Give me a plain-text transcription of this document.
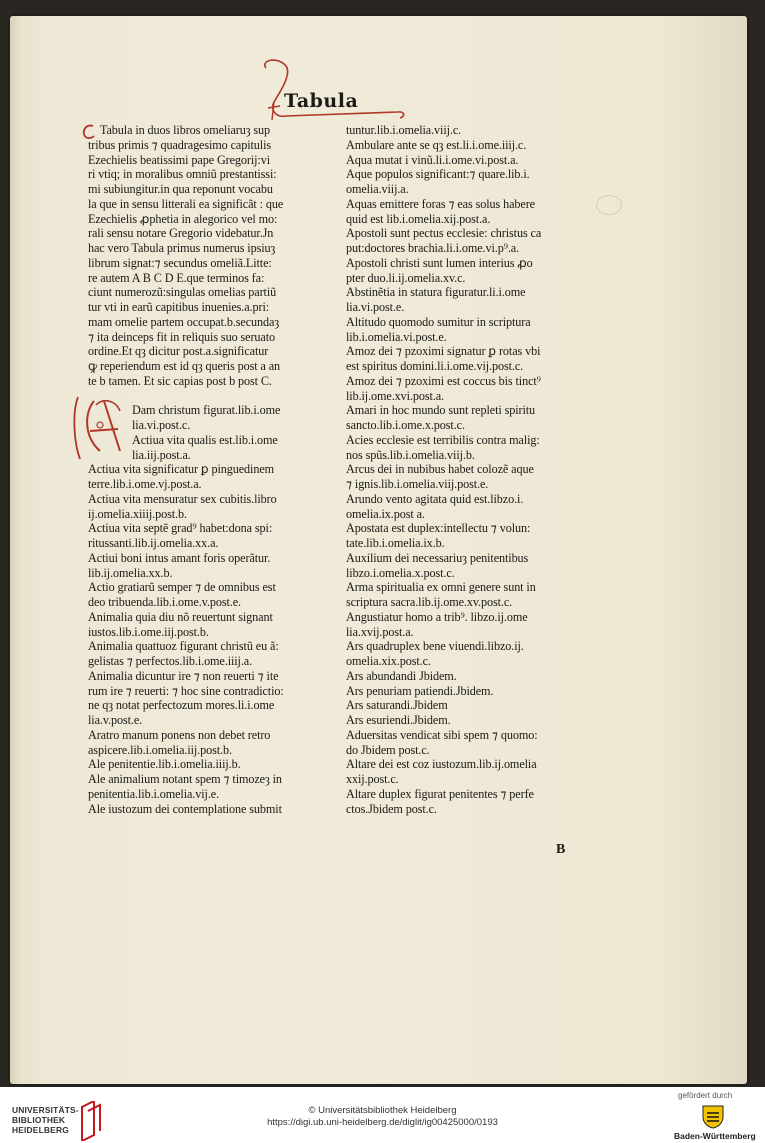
Tabula
Tabula in duos libros omeliaruȝ sup
tribus primis ⁊ quadragesimo capitulis
Ezechielis beatissimi pape Gregorij:vi
ri vtiq; in moralibus omniũ prestantissi:
mi subiungitur.in qua reponunt vocabu
la que in sensu litterali ea significãt : que
Ezechielis ꝓphetia in alegorico vel mo:
rali sensu notare Gregorio videbatur.Jn
hac vero Tabula primus numerus ipsiuȝ
librum signat:⁊ secundus omeliã.Litte:
re autem A B C D E.que terminos fa:
ciunt numerozũ:singulas omelias partiũ
tur vti in earũ capitibus inuenies.a.pri:
mam omelie partem occupat.b.secundaȝ
⁊ ita deinceps fit in reliquis suo seruato
ordine.Et qȝ dicitur post.a.significatur
ꝙ reperiendum est id qȝ queris post a an
te b tamen. Et sic capias post b post C.
Dam christum figurat.lib.i.ome
lia.vi.post.c.
Actiua vita qualis est.lib.i.ome
lia.iij.post.a.
Actiua vita significatur ꝑ pinguedinem
terre.lib.i.ome.vj.post.a.
Actiua vita mensuratur sex cubitis.libro
ij.omelia.xiiij.post.b.
Actiua vita septẽ grad⁹ habet:dona spi:
ritussanti.lib.ij.omelia.xx.a.
Actiui boni intus amant foris operãtur.
lib.ij.omelia.xx.b.
Actio gratiarũ semper ⁊ de omnibus est
deo tribuenda.lib.i.ome.v.post.e.
Animalia quia diu nõ reuertunt signant
iustos.lib.i.ome.iij.post.b.
Animalia quattuoz figurant christũ eu ã:
gelistas ⁊ perfectos.lib.i.ome.iiij.a.
Animalia dicuntur ire ⁊ non reuerti ⁊ ite
rum ire ⁊ reuerti: ⁊ hoc sine contradictio:
ne qȝ notat perfectozum mores.li.i.ome
lia.v.post.e.
Aratro manum ponens non debet retro
aspicere.lib.i.omelia.iij.post.b.
Ale penitentie.lib.i.omelia.iiij.b.
Ale animalium notant spem ⁊ timozeȝ in
penitentia.lib.i.omelia.vij.e.
Ale iustozum dei contemplatione submit
tuntur.lib.i.omelia.viij.c.
Ambulare ante se qȝ est.li.i.ome.iiij.c.
Aqua mutat i vinũ.li.i.ome.vi.post.a.
Aque populos significant:⁊ quare.lib.i.
omelia.viij.a.
Aquas emittere foras ⁊ eas solus habere
quid est lib.i.omelia.xij.post.a.
Apostoli sunt pectus ecclesie: christus ca
put:doctores brachia.li.i.ome.vi.p⁹.a.
Apostoli christi sunt lumen interius ꝓo
pter duo.li.ij.omelia.xv.c.
Abstinẽtia in statura figuratur.li.i.ome
lia.vi.post.e.
Altitudo quomodo sumitur in scriptura
lib.i.omelia.vi.post.e.
Amoz dei ⁊ pzoximi signatur ꝑ rotas vbi
est spiritus domini.li.i.ome.vij.post.c.
Amoz dei ⁊ pzoximi est coccus bis tinct⁹
lib.ij.ome.xvi.post.a.
Amari in hoc mundo sunt repleti spiritu
sancto.lib.i.ome.x.post.c.
Acies ecclesie est terribilis contra malig:
nos spũs.lib.i.omelia.viij.b.
Arcus dei in nubibus habet colozẽ aque
⁊ ignis.lib.i.omelia.viij.post.e.
Arundo vento agitata quid est.libzo.i.
omelia.ix.post a.
Apostata est duplex:intellectu ⁊ volun:
tate.lib.i.omelia.ix.b.
Auxilium dei necessariuȝ penitentibus
libzo.i.omelia.x.post.c.
Arma spiritualia ex omni genere sunt in
scriptura sacra.lib.ij.ome.xv.post.c.
Angustiatur homo a trib⁹. libzo.ij.ome
lia.xvij.post.a.
Ars quadruplex bene viuendi.libzo.ij.
omelia.xix.post.c.
Ars abundandi Jbidem.
Ars penuriam patiendi.Jbidem.
Ars saturandi.Jbidem
Ars esuriendi.Jbidem.
Aduersitas vendicat sibi spem ⁊ quomo:
do Jbidem post.c.
Altare dei est coz iustozum.lib.ij.omelia
xxij.post.c.
Altare duplex figurat penitentes ⁊ perfe
ctos.Jbidem post.c.
B
UNIVERSITÄTS-
BIBLIOTHEK
HEIDELBERG
© Universitätsbibliothek Heidelberg
https://digi.ub.uni-heidelberg.de/diglit/ig00425000/0193
gefördert durch
Baden-Württemberg
